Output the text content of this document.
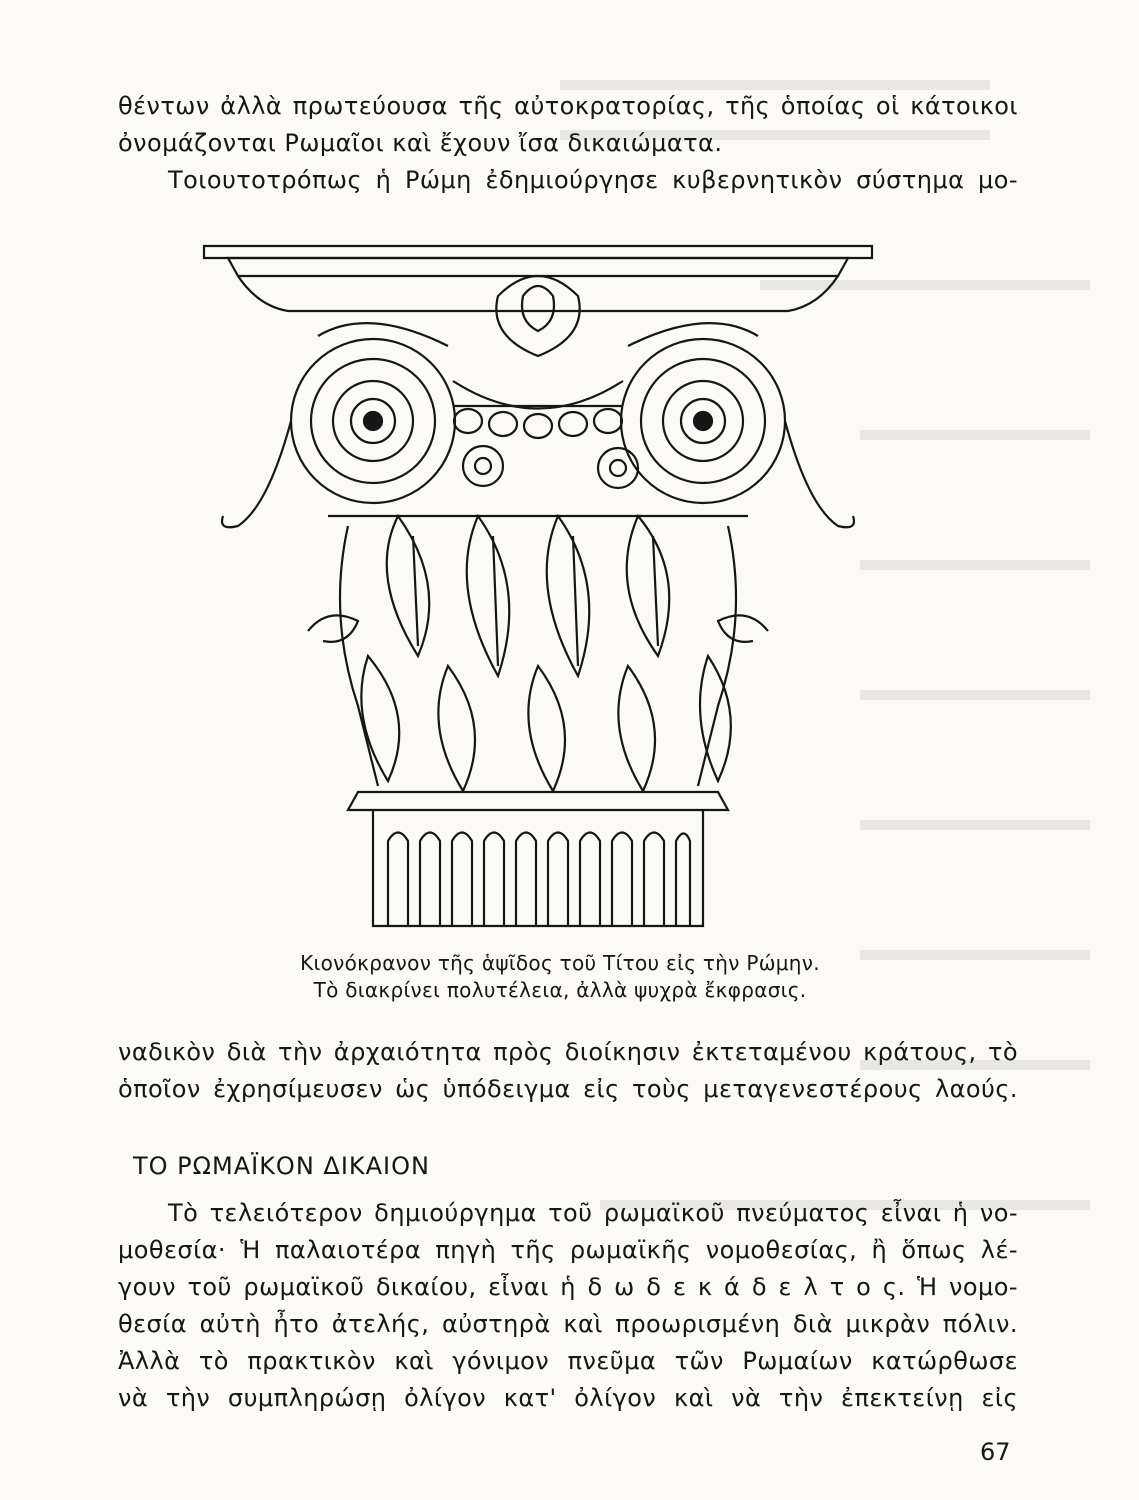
θέντων ἀλλὰ πρωτεύουσα τῆς αὐτοκρατορίας, τῆς ὁποίας οἱ κάτοικοι
ὀνομάζονται Ρωμαῖοι καὶ ἔχουν ἴσα δικαιώματα.
Τοιουτοτρόπως ἡ Ρώμη ἐδημιούργησε κυβερνητικὸν σύστημα μο-
Κιονόκρανον τῆς ἁψῖδος τοῦ Τίτου εἰς τὴν Ρώμην.
Τὸ διακρίνει πολυτέλεια, ἀλλὰ ψυχρὰ ἔκφρασις.
ναδικὸν διὰ τὴν ἀρχαιότητα πρὸς διοίκησιν ἐκτεταμένου κράτους, τὸ
ὁποῖον ἐχρησίμευσεν ὡς ὑπόδειγμα εἰς τοὺς μεταγενεστέρους λαούς.
ΤΟ ΡΩΜΑΪΚΟΝ ΔΙΚΑΙΟΝ
Τὸ τελειότερον δημιούργημα τοῦ ρωμαϊκοῦ πνεύματος εἶναι ἡ νο-
μοθεσία· Ἡ παλαιοτέρα πηγὴ τῆς ρωμαϊκῆς νομοθεσίας, ἢ ὅπως λέ-
γουν τοῦ ρωμαϊκοῦ δικαίου, εἶναι ἡ δ ω δ ε κ ά δ ε λ τ ο ς. Ἡ νομο-
θεσία αὐτὴ ἦτο ἀτελής, αὐστηρὰ καὶ προωρισμένη διὰ μικρὰν πόλιν.
Ἀλλὰ τὸ πρακτικὸν καὶ γόνιμον πνεῦμα τῶν Ρωμαίων κατώρθωσε
νὰ τὴν συμπληρώσῃ ὀλίγον κατ' ὀλίγον καὶ νὰ τὴν ἐπεκτείνῃ εἰς
67
